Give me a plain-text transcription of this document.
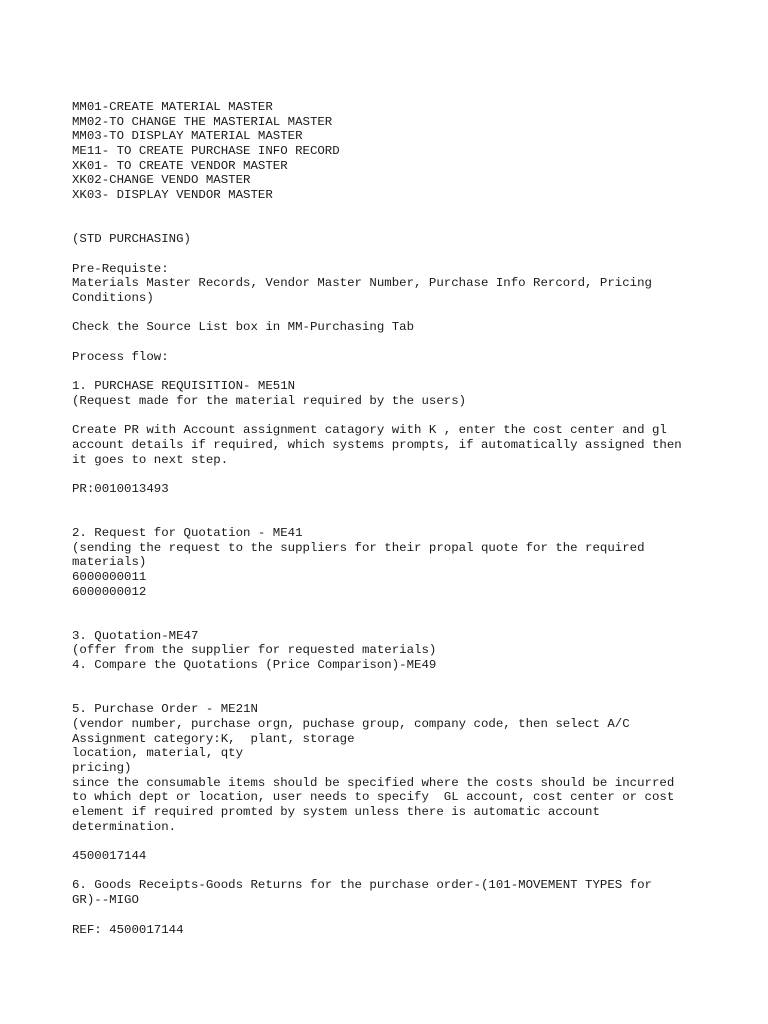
MM01-CREATE MATERIAL MASTER
MM02-TO CHANGE THE MASTERIAL MASTER
MM03-TO DISPLAY MATERIAL MASTER
ME11- TO CREATE PURCHASE INFO RECORD
XK01- TO CREATE VENDOR MASTER
XK02-CHANGE VENDO MASTER
XK03- DISPLAY VENDOR MASTER
(STD PURCHASING)
Pre-Requiste:
Materials Master Records, Vendor Master Number, Purchase Info Rercord, Pricing
Conditions)
Check the Source List box in MM-Purchasing Tab
Process flow:
1. PURCHASE REQUISITION- ME51N
(Request made for the material required by the users)
Create PR with Account assignment catagory with K , enter the cost center and gl
account details if required, which systems prompts, if automatically assigned then
it goes to next step.
PR:0010013493
2. Request for Quotation - ME41
(sending the request to the suppliers for their propal quote for the required
materials)
6000000011
6000000012
3. Quotation-ME47
(offer from the supplier for requested materials)
4. Compare the Quotations (Price Comparison)-ME49
5. Purchase Order - ME21N
(vendor number, purchase orgn, puchase group, company code, then select A/C
Assignment category:K,  plant, storage
location, material, qty
pricing)
since the consumable items should be specified where the costs should be incurred
to which dept or location, user needs to specify  GL account, cost center or cost
element if required promted by system unless there is automatic account
determination.
4500017144
6. Goods Receipts-Goods Returns for the purchase order-(101-MOVEMENT TYPES for
GR)--MIGO
REF: 4500017144
